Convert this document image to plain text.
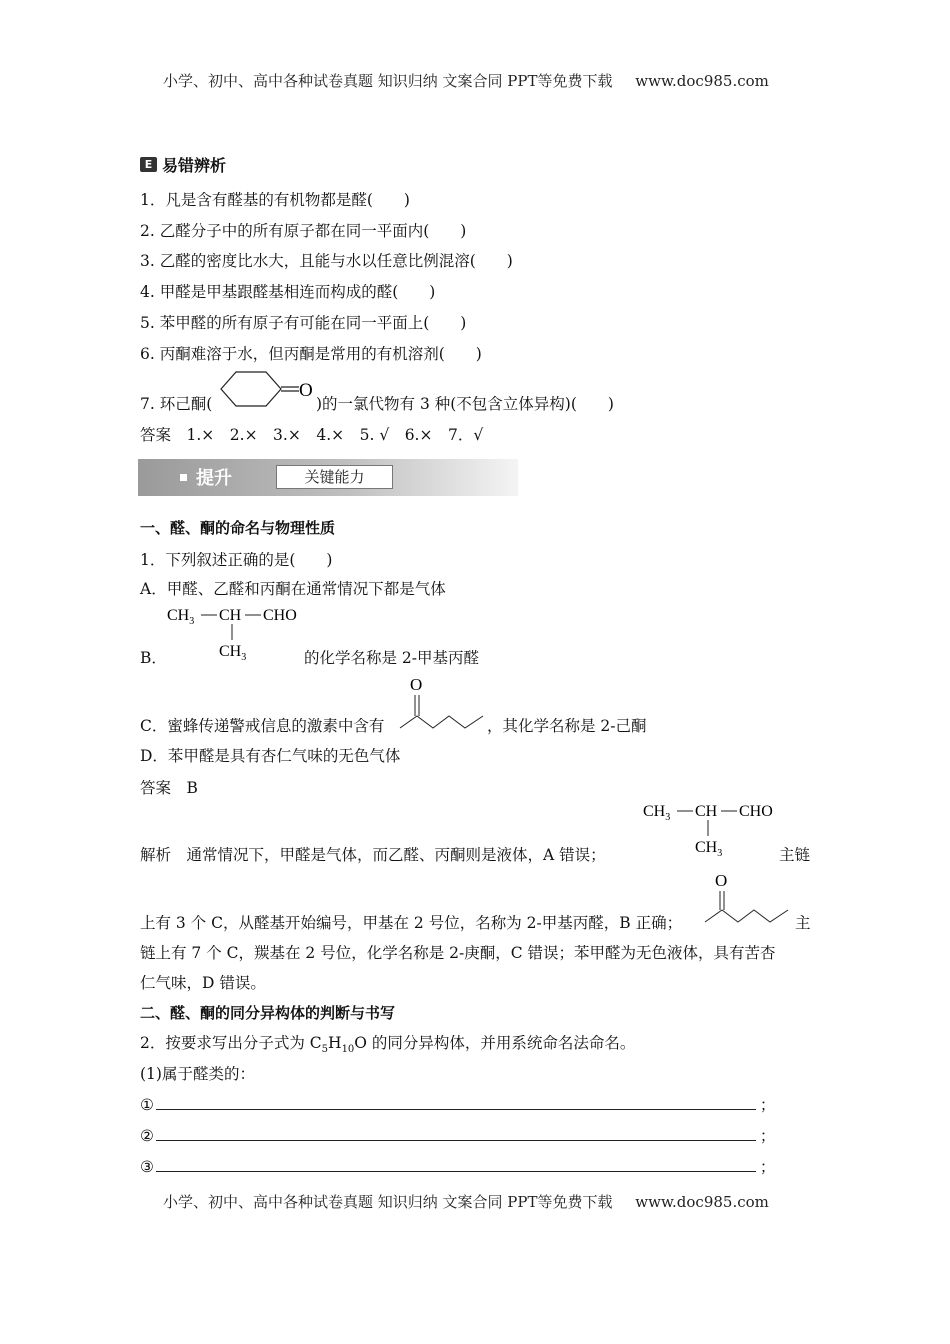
小学、初中、高中各种试卷真题 知识归纳 文案合同 PPT等免费下载 www.doc985.com
E 易错辨析
1．凡是含有醛基的有机物都是醛(　　)
2. 乙醛分子中的所有原子都在同一平面内(　　)
3. 乙醛的密度比水大，且能与水以任意比例混溶(　　)
4. 甲醛是甲基跟醛基相连而构成的醛(　　)
5. 苯甲醛的所有原子有可能在同一平面上(　　)
6. 丙酮难溶于水，但丙酮是常用的有机溶剂(　　)
7. 环己酮(
O
)的一氯代物有 3 种(不包含立体异构)(　　)
答案　1.×　2.×　3.×　4.×　5. √　6.×　7．√
提升	关键能力
一、醛、酮的命名与物理性质
1．下列叙述正确的是(　　)
A．甲醛、乙醛和丙酮在通常情况下都是气体
$CH_3$ CH CHO
$CH_3$
B．	的化学名称是 2-甲基丙醛
C．蜜蜂传递警戒信息的激素中含有
O
，其化学名称是 2-己酮
D．苯甲醛是具有杏仁气味的无色气体
答案　B
$CH_3$ CH CHO
$CH_3$
解析　通常情况下，甲醛是气体，而乙醛、丙酮则是液体，A 错误；	主链
O
上有 3 个 C，从醛基开始编号，甲基在 2 号位，名称为 2-甲基丙醛，B 正确；	主
链上有 7 个 C，羰基在 2 号位，化学名称是 2-庚酮，C 错误；苯甲醛为无色液体，具有苦杏
仁气味，D 错误。
二、醛、酮的同分异构体的判断与书写
2．按要求写出分子式为 $C_5H_{10}O$ 的同分异构体，并用系统命名法命名。
(1)属于醛类的：
①	；
②	；
③	；
小学、初中、高中各种试卷真题 知识归纳 文案合同 PPT等免费下载 www.doc985.com
